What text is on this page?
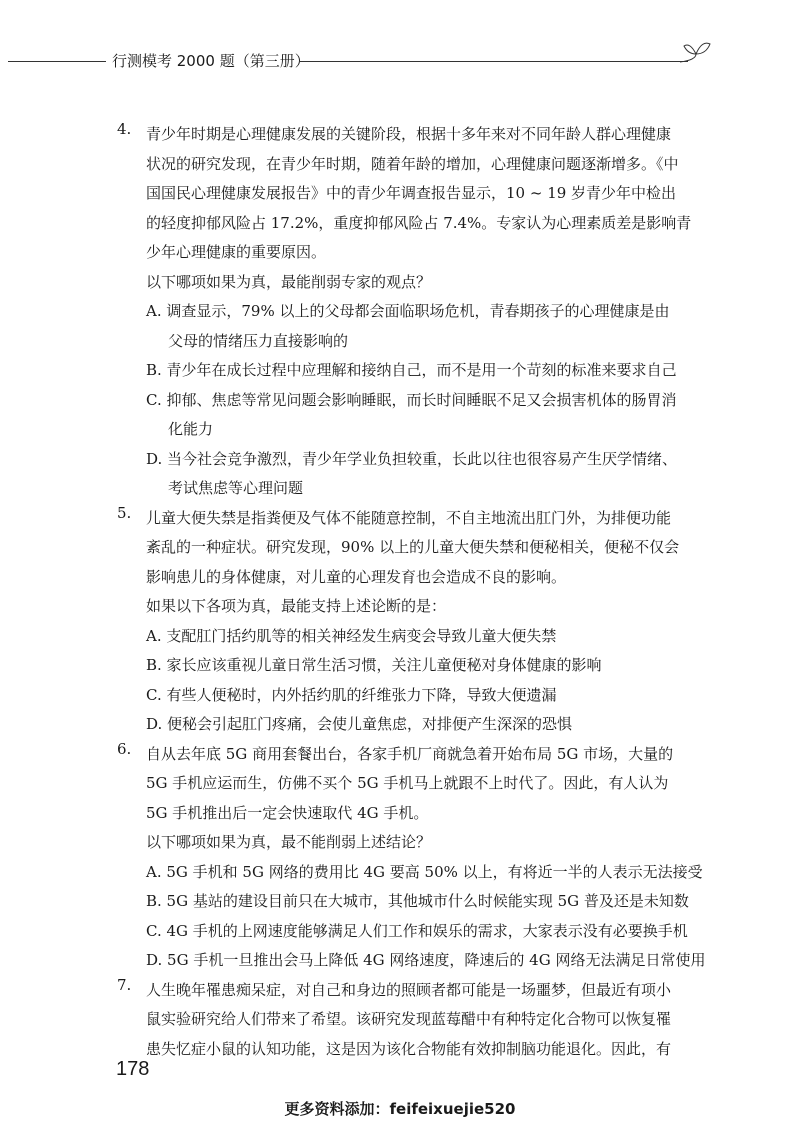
行测模考 2000 题（第三册）
4. 青少年时期是心理健康发展的关键阶段，根据十多年来对不同年龄人群心理健康
状况的研究发现，在青少年时期，随着年龄的增加，心理健康问题逐渐增多。《中
国国民心理健康发展报告》中的青少年调查报告显示，10 ~ 19 岁青少年中检出
的轻度抑郁风险占 17.2%，重度抑郁风险占 7.4%。专家认为心理素质差是影响青
少年心理健康的重要原因。
以下哪项如果为真，最能削弱专家的观点？
A. 调查显示，79% 以上的父母都会面临职场危机，青春期孩子的心理健康是由
父母的情绪压力直接影响的
B. 青少年在成长过程中应理解和接纳自己，而不是用一个苛刻的标准来要求自己
C. 抑郁、焦虑等常见问题会影响睡眠，而长时间睡眠不足又会损害机体的肠胃消
化能力
D. 当今社会竞争激烈，青少年学业负担较重，长此以往也很容易产生厌学情绪、
考试焦虑等心理问题
5. 儿童大便失禁是指粪便及气体不能随意控制，不自主地流出肛门外，为排便功能
紊乱的一种症状。研究发现，90% 以上的儿童大便失禁和便秘相关，便秘不仅会
影响患儿的身体健康，对儿童的心理发育也会造成不良的影响。
如果以下各项为真，最能支持上述论断的是：
A. 支配肛门括约肌等的相关神经发生病变会导致儿童大便失禁
B. 家长应该重视儿童日常生活习惯，关注儿童便秘对身体健康的影响
C. 有些人便秘时，内外括约肌的纤维张力下降，导致大便遗漏
D. 便秘会引起肛门疼痛，会使儿童焦虑，对排便产生深深的恐惧
6. 自从去年底 5G 商用套餐出台，各家手机厂商就急着开始布局 5G 市场，大量的
5G 手机应运而生，仿佛不买个 5G 手机马上就跟不上时代了。因此，有人认为
5G 手机推出后一定会快速取代 4G 手机。
以下哪项如果为真，最不能削弱上述结论？
A. 5G 手机和 5G 网络的费用比 4G 要高 50% 以上，有将近一半的人表示无法接受
B. 5G 基站的建设目前只在大城市，其他城市什么时候能实现 5G 普及还是未知数
C. 4G 手机的上网速度能够满足人们工作和娱乐的需求，大家表示没有必要换手机
D. 5G 手机一旦推出会马上降低 4G 网络速度，降速后的 4G 网络无法满足日常使用
7. 人生晚年罹患痴呆症，对自己和身边的照顾者都可能是一场噩梦，但最近有项小
鼠实验研究给人们带来了希望。该研究发现蓝莓醋中有种特定化合物可以恢复罹
患失忆症小鼠的认知功能，这是因为该化合物能有效抑制脑功能退化。因此，有
178
更多资料添加：feifeixuejie520
